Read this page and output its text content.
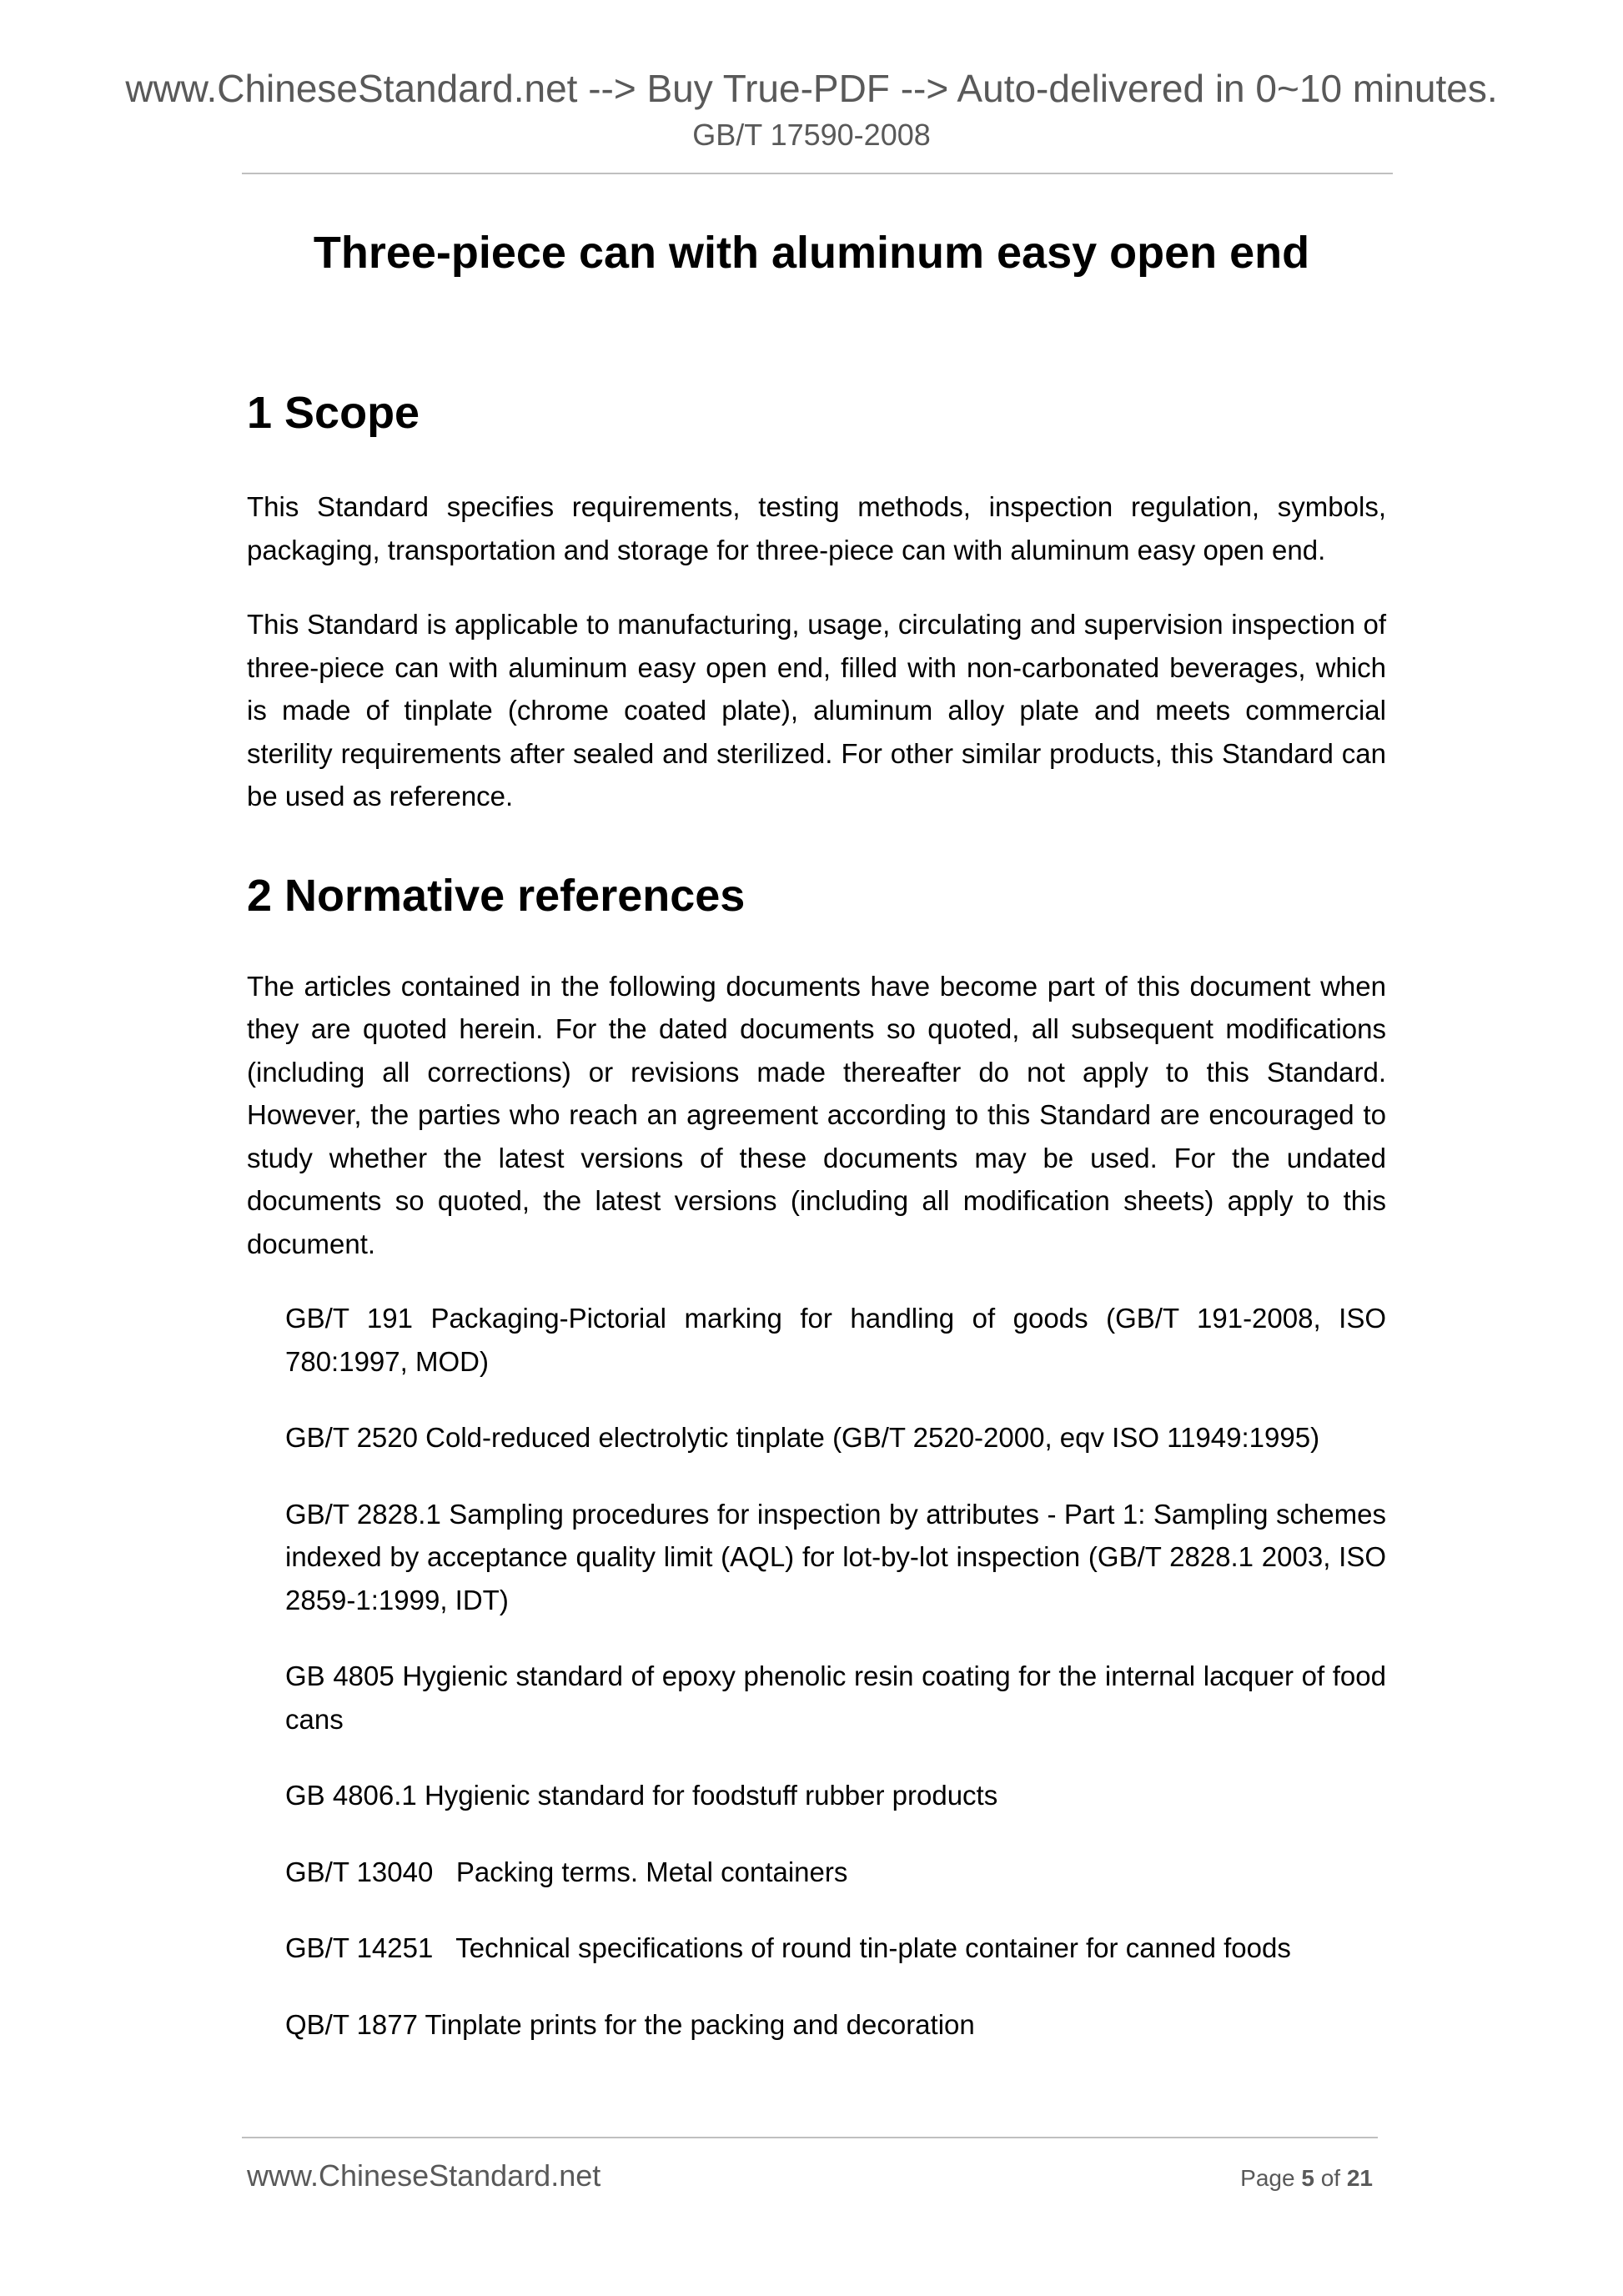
www.ChineseStandard.net --> Buy True-PDF --> Auto-delivered in 0~10 minutes.
GB/T 17590-2008
Three-piece can with aluminum easy open end
1 Scope

This Standard specifies requirements, testing methods, inspection regulation, symbols, packaging, transportation and storage for three-piece can with aluminum easy open end.

This Standard is applicable to manufacturing, usage, circulating and supervision inspection of three-piece can with aluminum easy open end, filled with non-carbonated beverages, which is made of tinplate (chrome coated plate), aluminum alloy plate and meets commercial sterility requirements after sealed and sterilized. For other similar products, this Standard can be used as reference.

2 Normative references

The articles contained in the following documents have become part of this document when they are quoted herein. For the dated documents so quoted, all subsequent modifications (including all corrections) or revisions made thereafter do not apply to this Standard. However, the parties who reach an agreement according to this Standard are encouraged to study whether the latest versions of these documents may be used. For the undated documents so quoted, the latest versions (including all modification sheets) apply to this document.

GB/T 191 Packaging-Pictorial marking for handling of goods (GB/T 191-2008, ISO 780:1997, MOD)
GB/T 2520 Cold-reduced electrolytic tinplate (GB/T 2520-2000, eqv ISO 11949:1995)
GB/T 2828.1 Sampling procedures for inspection by attributes - Part 1: Sampling schemes indexed by acceptance quality limit (AQL) for lot-by-lot inspection (GB/T 2828.1 2003, ISO 2859-1:1999, IDT)
GB 4805 Hygienic standard of epoxy phenolic resin coating for the internal lacquer of food cans
GB 4806.1 Hygienic standard for foodstuff rubber products
GB/T 13040   Packing terms. Metal containers
GB/T 14251   Technical specifications of round tin-plate container for canned foods
QB/T 1877 Tinplate prints for the packing and decoration
www.ChineseStandard.net	Page 5 of 21
